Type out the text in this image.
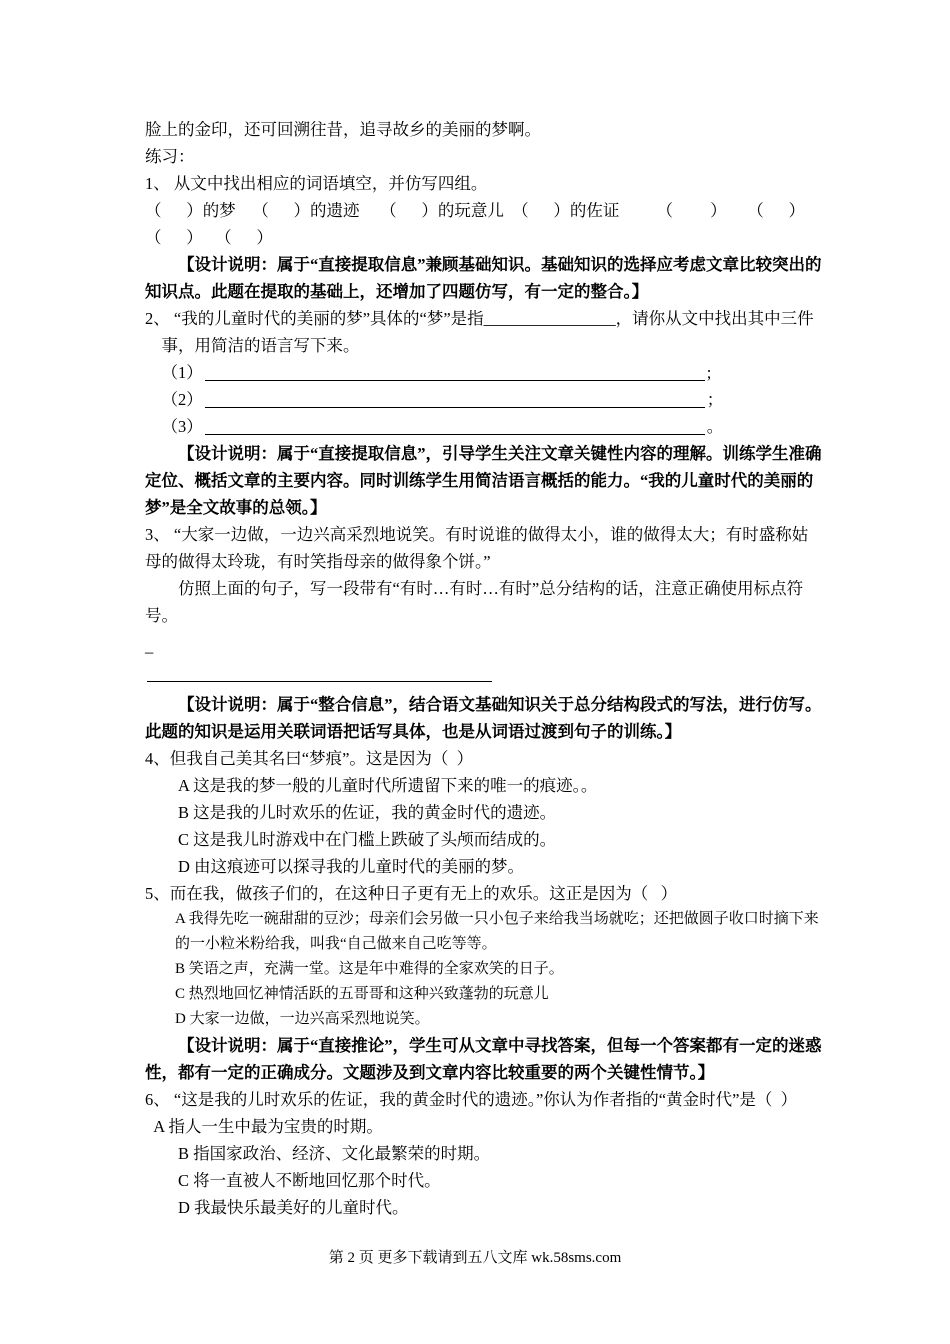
脸上的金印，还可回溯往昔，追寻故乡的美丽的梦啊。
练习：
1、 从文中找出相应的词语填空，并仿写四组。
（      ）的梦    （      ）的遗迹     （      ）的玩意儿  （      ）的佐证         （         ）     （      ）   （      ）   （      ）
【设计说明：属于“直接提取信息”兼顾基础知识。基础知识的选择应考虑文章比较突出的知识点。此题在提取的基础上，还增加了四题仿写，有一定的整合。】
2、 “我的儿童时代的美丽的梦”具体的“梦”是指________________，请你从文中找出其中三件事，用简洁的语言写下来。
（1）	;
（2）	；
（3）	。
【设计说明：属于“直接提取信息”，引导学生关注文章关键性内容的理解。训练学生准确定位、概括文章的主要内容。同时训练学生用简洁语言概括的能力。“我的儿童时代的美丽的梦”是全文故事的总领。】
3、 “大家一边做，一边兴高采烈地说笑。有时说谁的做得太小，谁的做得太大；有时盛称姑母的做得太玲珑，有时笑指母亲的做得象个饼。”
仿照上面的句子，写一段带有“有时…有时…有时”总分结构的话，注意正确使用标点符号。
–
【设计说明：属于“整合信息”，结合语文基础知识关于总分结构段式的写法，进行仿写。此题的知识是运用关联词语把话写具体，也是从词语过渡到句子的训练。】
4、但我自己美其名曰“梦痕”。这是因为（  ）
A 这是我的梦一般的儿童时代所遗留下来的唯一的痕迹。。
B 这是我的儿时欢乐的佐证，我的黄金时代的遗迹。
C 这是我儿时游戏中在门槛上跌破了头颅而结成的。
D 由这痕迹可以探寻我的儿童时代的美丽的梦。
5、而在我，做孩子们的，在这种日子更有无上的欢乐。这正是因为（   ）
A 我得先吃一碗甜甜的豆沙；母亲们会另做一只小包子来给我当场就吃；还把做圆子收口时摘下来的一小粒米粉给我，叫我“自己做来自己吃等等。
B 笑语之声，充满一堂。这是年中难得的全家欢笑的日子。
C 热烈地回忆神情活跃的五哥哥和这种兴致蓬勃的玩意儿
D 大家一边做，一边兴高采烈地说笑。
【设计说明：属于“直接推论”，学生可从文章中寻找答案，但每一个答案都有一定的迷惑性，都有一定的正确成分。文题涉及到文章内容比较重要的两个关键性情节。】
6、 “这是我的儿时欢乐的佐证，我的黄金时代的遗迹。”你认为作者指的“黄金时代”是（  ）
A 指人一生中最为宝贵的时期。
B 指国家政治、经济、文化最繁荣的时期。
C 将一直被人不断地回忆那个时代。
D 我最快乐最美好的儿童时代。
第 2 页 更多下载请到五八文库 wk.58sms.com
